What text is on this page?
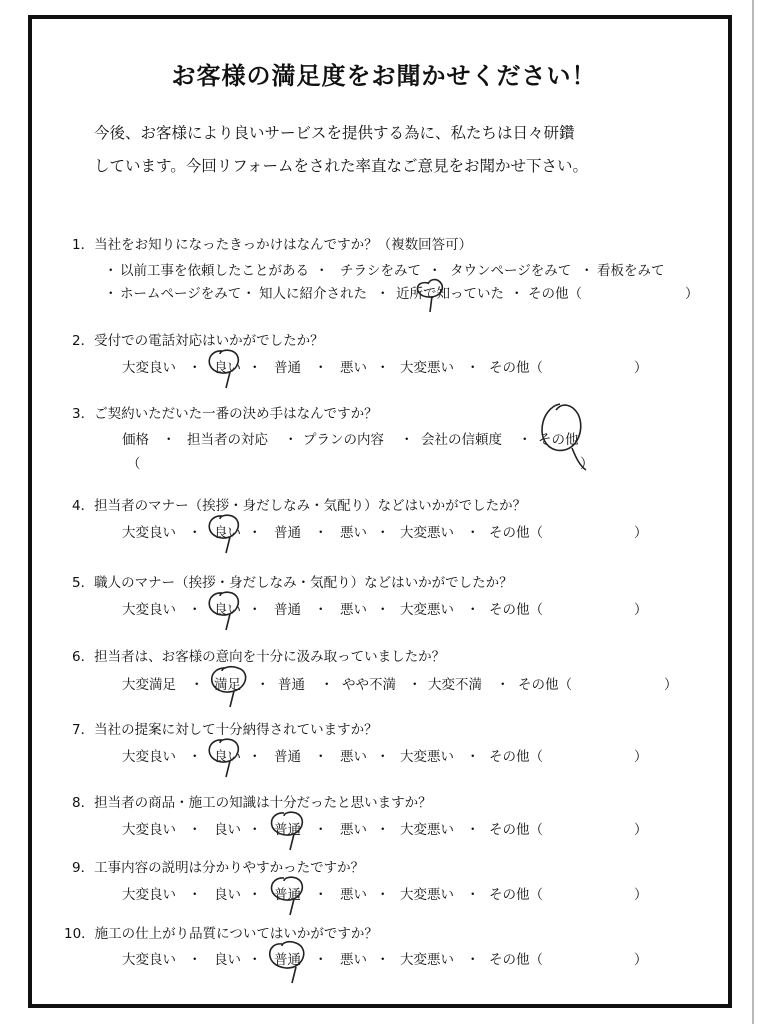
お客様の満足度をお聞かせください！
今後、お客様により良いサービスを提供する為に、私たちは日々研鑽
しています。今回リフォームをされた率直なご意見をお聞かせ下さい。
1．当社をお知りになったきっかけはなんですか？（複数回答可）
・ 以前工事を依頼したことがある ・ チラシをみて ・ タウンページをみて ・ 看板をみて
・ ホームページをみて ・ 知人に紹介された ・ 近所で知っていた ・ その他（	）
2．受付での電話対応はいかがでしたか？
大変良い ・ 良い ・ 普通 ・ 悪い ・ 大変悪い ・ その他（	）
3．ご契約いただいた一番の決め手はなんですか？
価格 ・ 担当者の対応 ・ プランの内容 ・ 会社の信頼度 ・ その他
（	）
4．担当者のマナー（挨拶・身だしなみ・気配り）などはいかがでしたか？
大変良い ・ 良い ・ 普通 ・ 悪い ・ 大変悪い ・ その他（	）
5．職人のマナー（挨拶・身だしなみ・気配り）などはいかがでしたか？
大変良い ・ 良い ・ 普通 ・ 悪い ・ 大変悪い ・ その他（	）
6．担当者は、お客様の意向を十分に汲み取っていましたか？
大変満足 ・ 満足 ・ 普通 ・ やや不満 ・ 大変不満 ・ その他（	）
7．当社の提案に対して十分納得されていますか？
大変良い ・ 良い ・ 普通 ・ 悪い ・ 大変悪い ・ その他（	）
8．担当者の商品・施工の知識は十分だったと思いますか？
大変良い ・ 良い ・ 普通 ・ 悪い ・ 大変悪い ・ その他（	）
9．工事内容の説明は分かりやすかったですか？
大変良い ・ 良い ・ 普通 ・ 悪い ・ 大変悪い ・ その他（	）
10．施工の仕上がり品質についてはいかがですか？
大変良い ・ 良い ・ 普通 ・ 悪い ・ 大変悪い ・ その他（	）
